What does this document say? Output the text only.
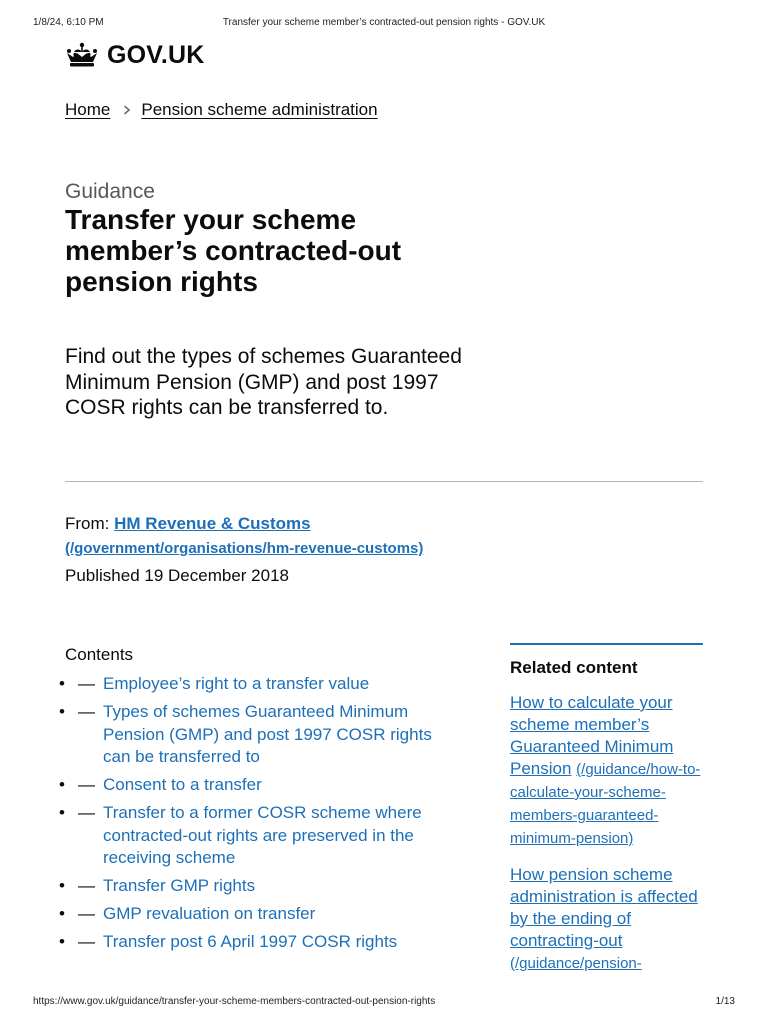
1/8/24, 6:10 PM	Transfer your scheme member’s contracted-out pension rights - GOV.UK
GOV.UK
Home Pension scheme administration
Guidance
Transfer your scheme member’s contracted-out pension rights

Find out the types of schemes Guaranteed Minimum Pension (GMP) and post 1997 COSR rights can be transferred to.

From: HM Revenue & Customs
(/government/organisations/hm-revenue-customs)
Published 19 December 2018
Contents
• — Employee’s right to a transfer value
• — Types of schemes Guaranteed Minimum Pension (GMP) and post 1997 COSR rights can be transferred to
• — Consent to a transfer
• — Transfer to a former COSR scheme where contracted-out rights are preserved in the receiving scheme
• — Transfer GMP rights
• — GMP revaluation on transfer
• — Transfer post 6 April 1997 COSR rights
Related content
How to calculate your scheme member’s Guaranteed Minimum Pension (/guidance/how-to-calculate-your-scheme-members-guaranteed-minimum-pension)
How pension scheme administration is affected by the ending of contracting-out (/guidance/pension-
https://www.gov.uk/guidance/transfer-your-scheme-members-contracted-out-pension-rights	1/13
